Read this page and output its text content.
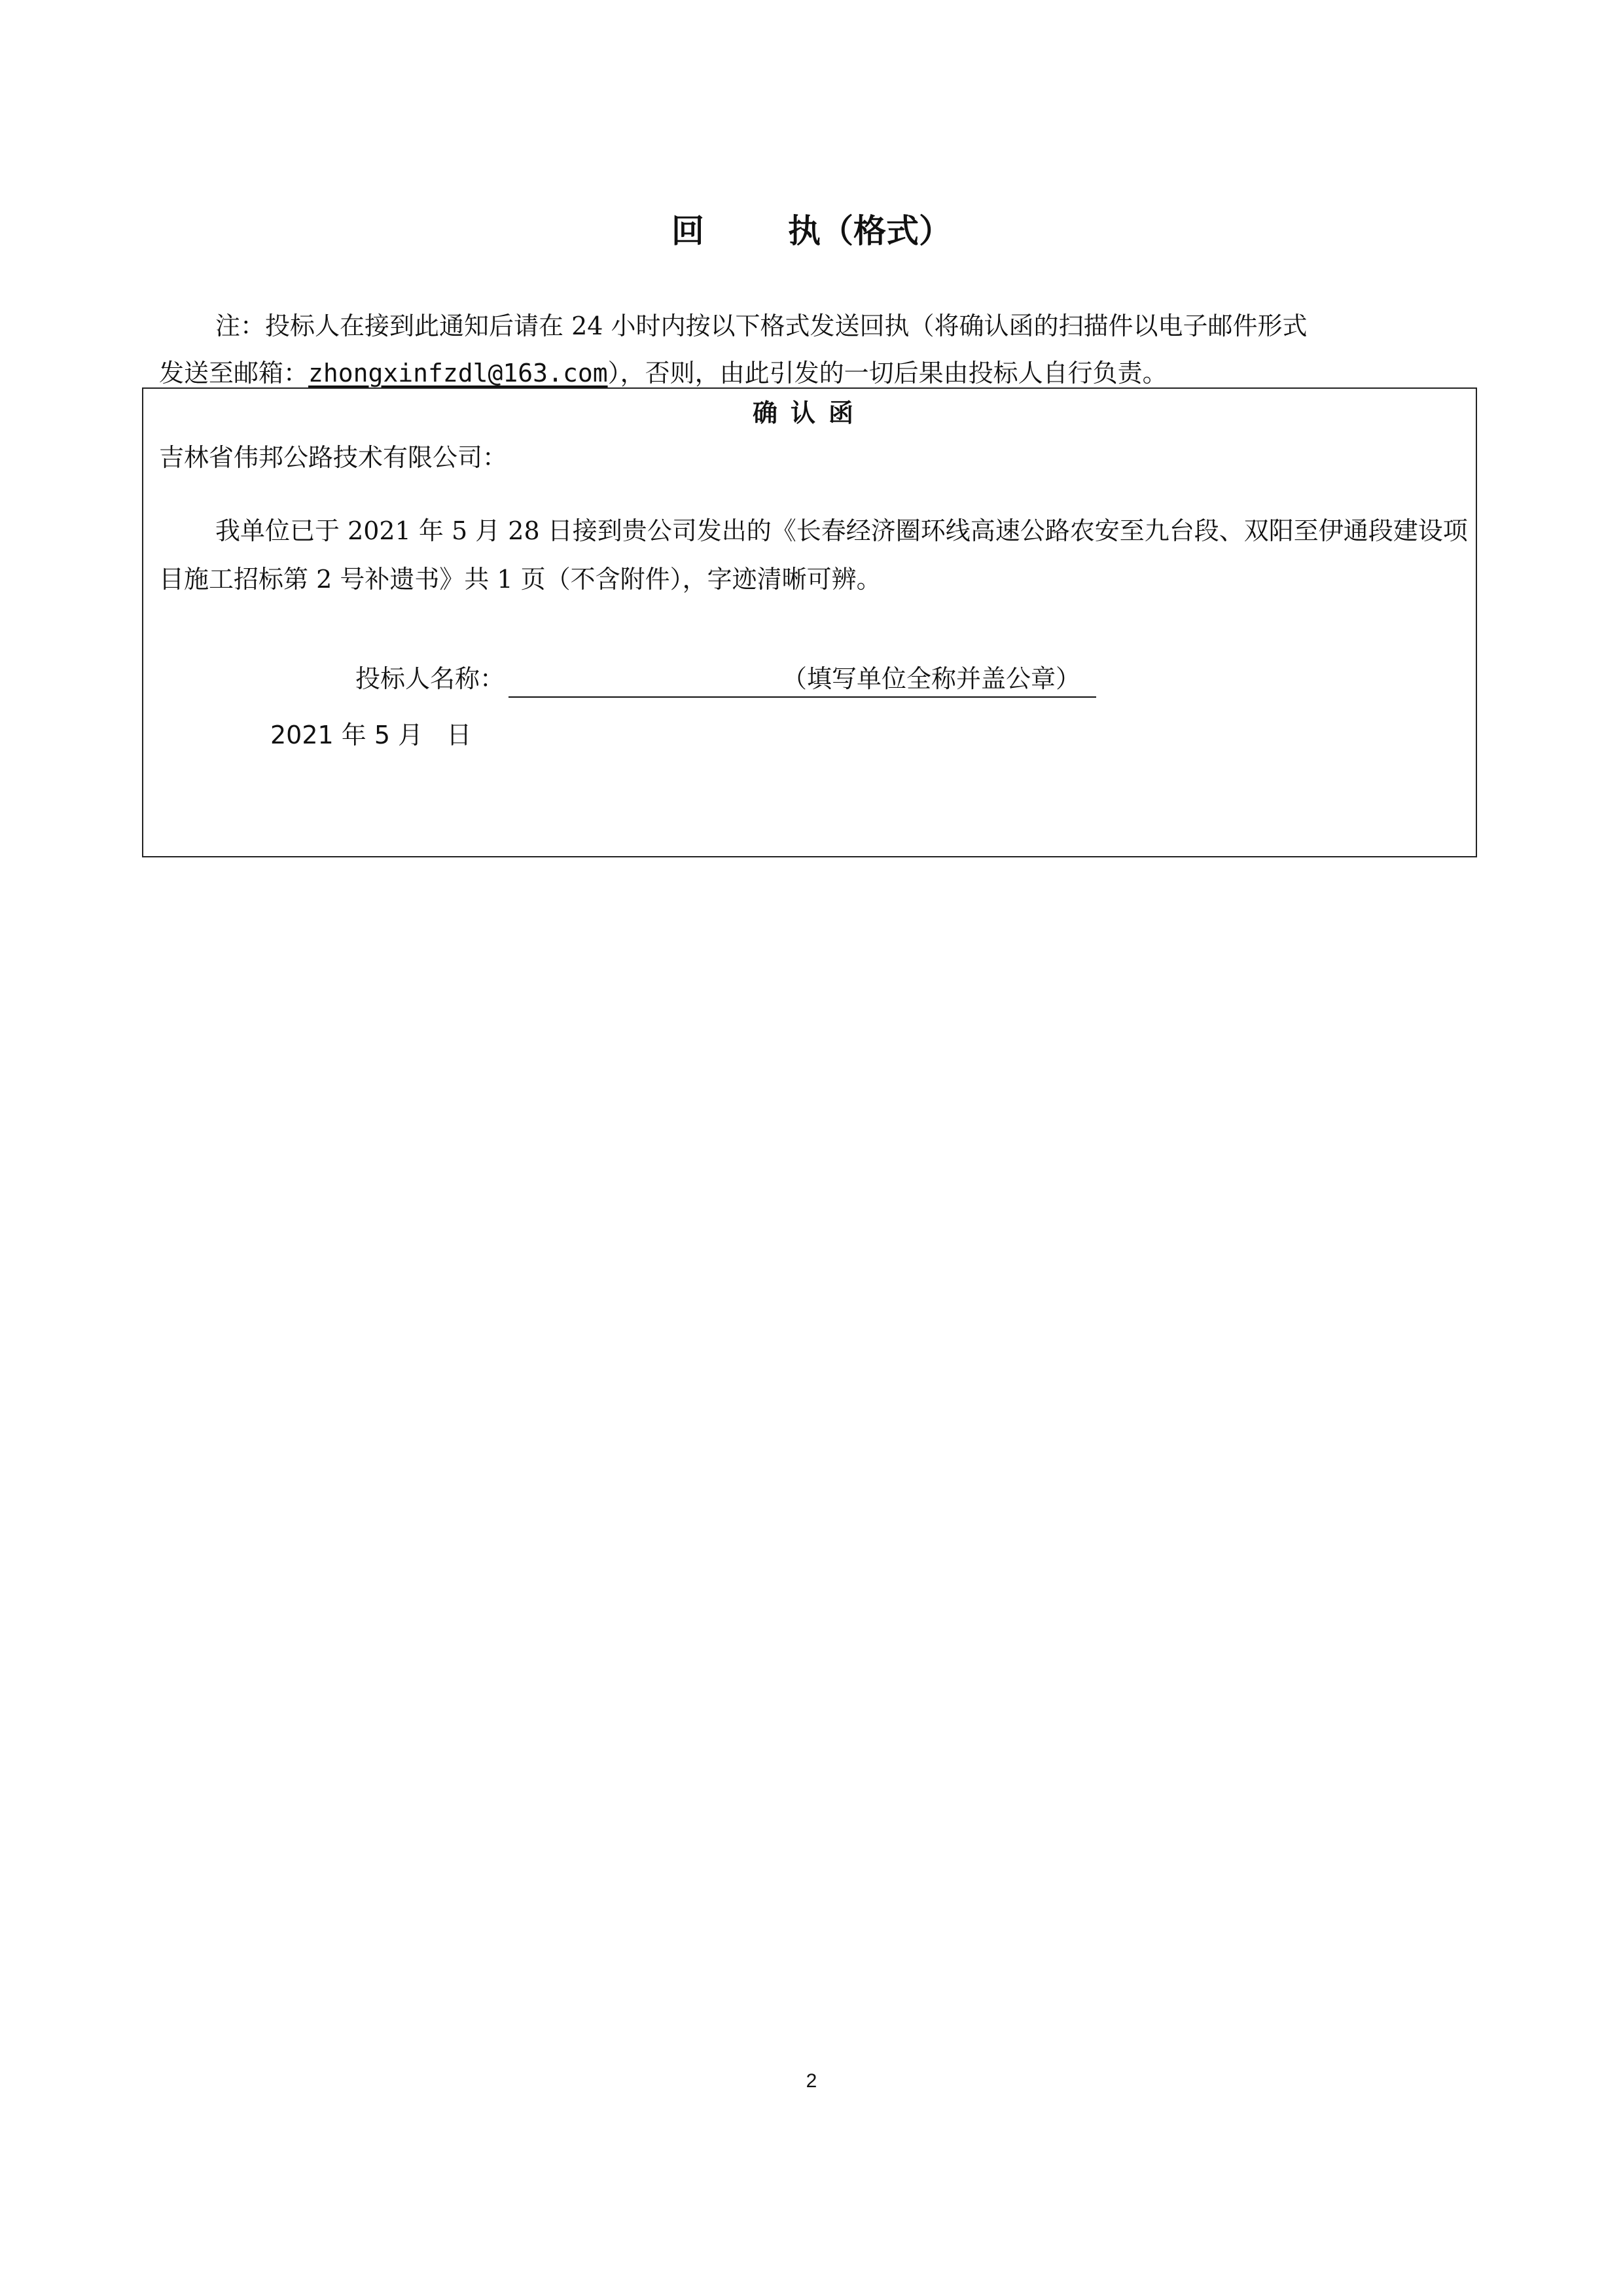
回	执（格式）
注：投标人在接到此通知后请在 24 小时内按以下格式发送回执（将确认函的扫描件以电子邮件形式
发送至邮箱：zhongxinfzdl@163.com），否则，由此引发的一切后果由投标人自行负责。
确认函
吉林省伟邦公路技术有限公司：
我单位已于 2021 年 5 月 28 日接到贵公司发出的《长春经济圈环线高速公路农安至九台段、双阳至伊通段建设项目施工招标第 2 号补遗书》共 1 页（不含附件），字迹清晰可辨。
投标人名称：	（填写单位全称并盖公章）
2021 年 5 月   日
2
